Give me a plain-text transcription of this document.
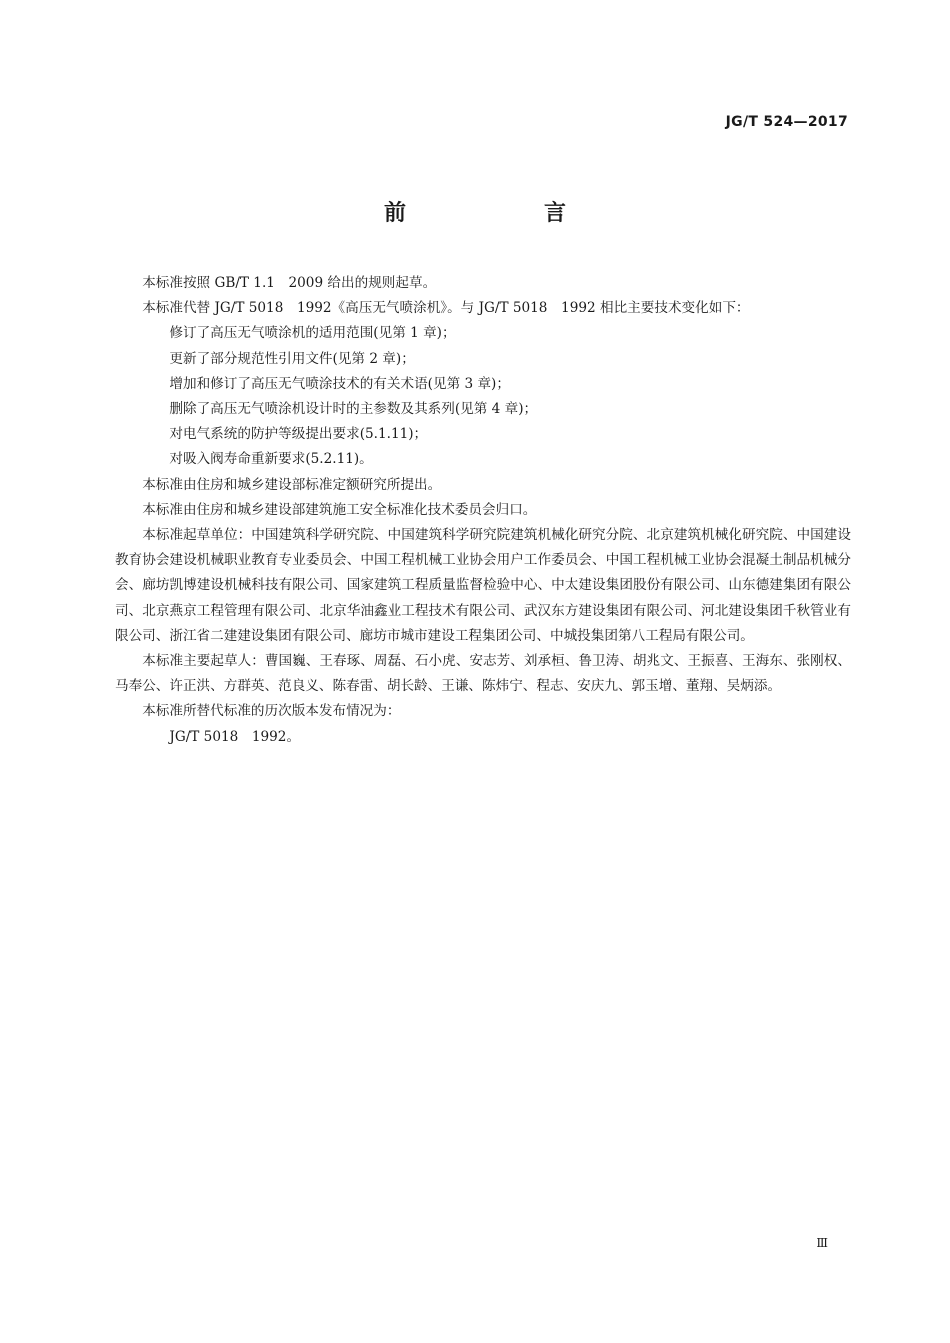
JG/T 524—2017
前　言

本标准按照 GB/T 1.1　2009 给出的规则起草。

本标准代替 JG/T 5018　1992《高压无气喷涂机》。与 JG/T 5018　1992 相比主要技术变化如下：

修订了高压无气喷涂机的适用范围(见第 1 章)；

更新了部分规范性引用文件(见第 2 章)；

增加和修订了高压无气喷涂技术的有关术语(见第 3 章)；

删除了高压无气喷涂机设计时的主参数及其系列(见第 4 章)；

对电气系统的防护等级提出要求(5.1.11)；

对吸入阀寿命重新要求(5.2.11)。

本标准由住房和城乡建设部标准定额研究所提出。

本标准由住房和城乡建设部建筑施工安全标准化技术委员会归口。

本标准起草单位：中国建筑科学研究院、中国建筑科学研究院建筑机械化研究分院、北京建筑机械化研究院、中国建设教育协会建设机械职业教育专业委员会、中国工程机械工业协会用户工作委员会、中国工程机械工业协会混凝土制品机械分会、廊坊凯博建设机械科技有限公司、国家建筑工程质量监督检验中心、中太建设集团股份有限公司、山东德建集团有限公司、北京燕京工程管理有限公司、北京华油鑫业工程技术有限公司、武汉东方建设集团有限公司、河北建设集团千秋管业有限公司、浙江省二建建设集团有限公司、廊坊市城市建设工程集团公司、中城投集团第八工程局有限公司。

本标准主要起草人：曹国巍、王春琢、周磊、石小虎、安志芳、刘承桓、鲁卫涛、胡兆文、王振喜、王海东、张刚权、马奉公、许正洪、方群英、范良义、陈春雷、胡长龄、王谦、陈炜宁、程志、安庆九、郭玉增、董翔、吴炳添。

本标准所替代标准的历次版本发布情况为：

JG/T 5018　1992。

Ⅲ
